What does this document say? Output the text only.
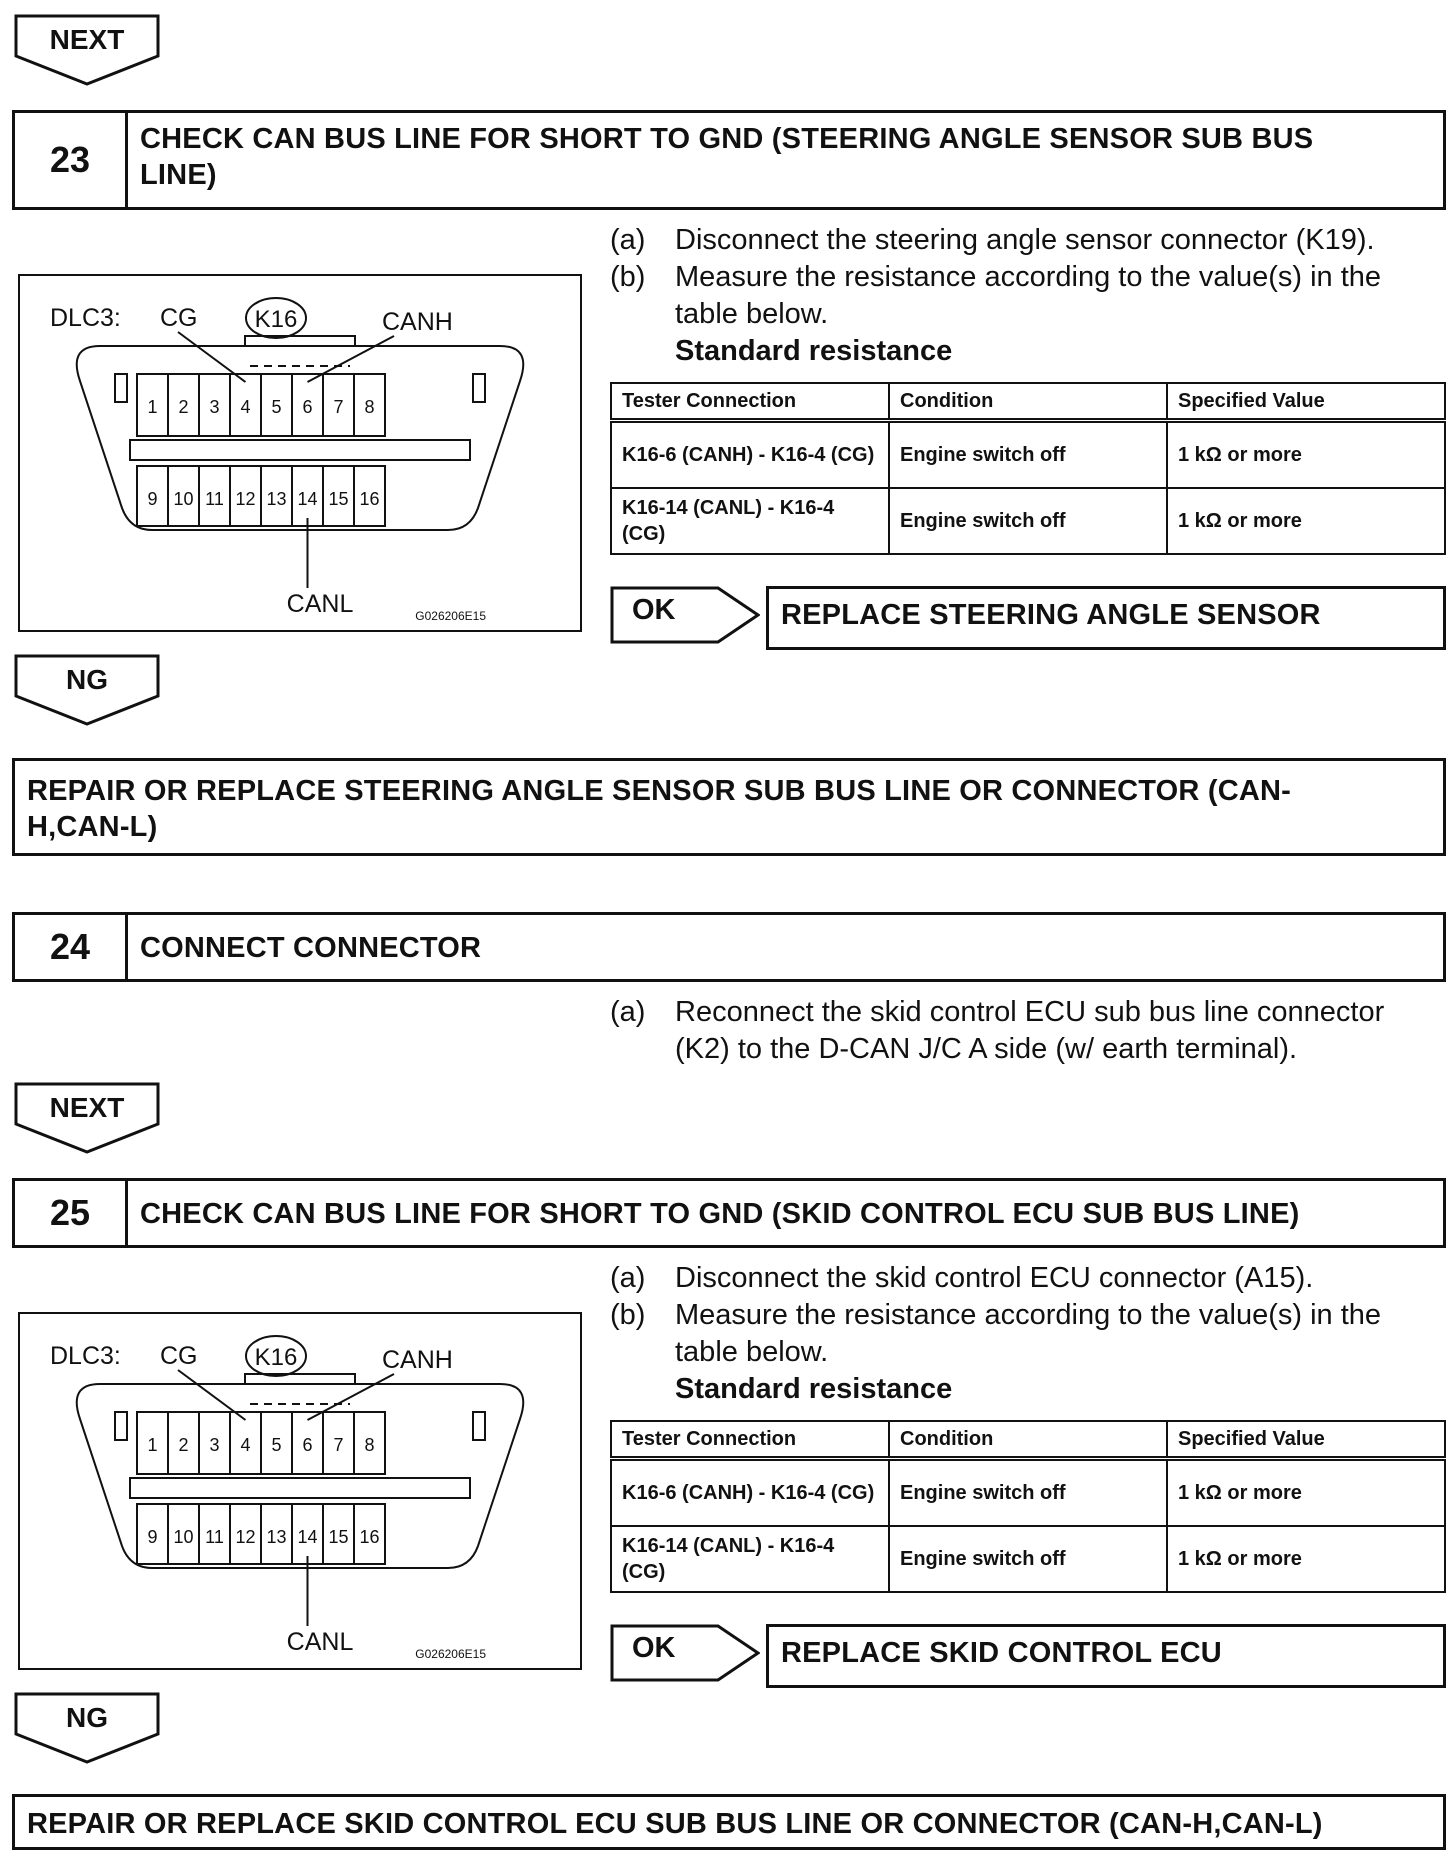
NEXT
23	CHECK CAN BUS LINE FOR SHORT TO GND (STEERING ANGLE SENSOR SUB BUS
LINE)
1 2 3 4 5 6 7 8
9 10 11 12 13 14 15 16
DLC3: CG K16	CANH
CANL	G026206E15
(a)	Disconnect the steering angle sensor connector (K19).
(b)	Measure the resistance according to the value(s) in the table below.
Standard resistance
Tester Connection	Condition	Specified Value
K16-6 (CANH) - K16-4 (CG)	Engine switch off	1 kΩ or more
K16-14 (CANL) - K16-4 (CG)	Engine switch off	1 kΩ or more
OK	REPLACE STEERING ANGLE SENSOR
NG
REPAIR OR REPLACE STEERING ANGLE SENSOR SUB BUS LINE OR CONNECTOR (CAN-
H,CAN-L)
24	CONNECT CONNECTOR
(a)	Reconnect the skid control ECU sub bus line connector (K2) to the D-CAN J/C A side (w/ earth terminal).
NEXT
25	CHECK CAN BUS LINE FOR SHORT TO GND (SKID CONTROL ECU SUB BUS LINE)
1 2 3 4 5 6 7 8
9 10 11 12 13 14 15 16
DLC3: CG K16	CANH
CANL	G026206E15
(a)	Disconnect the skid control ECU connector (A15).
(b)	Measure the resistance according to the value(s) in the table below.
Standard resistance
Tester Connection	Condition	Specified Value
K16-6 (CANH) - K16-4 (CG)	Engine switch off	1 kΩ or more
K16-14 (CANL) - K16-4 (CG)	Engine switch off	1 kΩ or more
OK	REPLACE SKID CONTROL ECU
NG
REPAIR OR REPLACE SKID CONTROL ECU SUB BUS LINE OR CONNECTOR (CAN-H,CAN-L)
